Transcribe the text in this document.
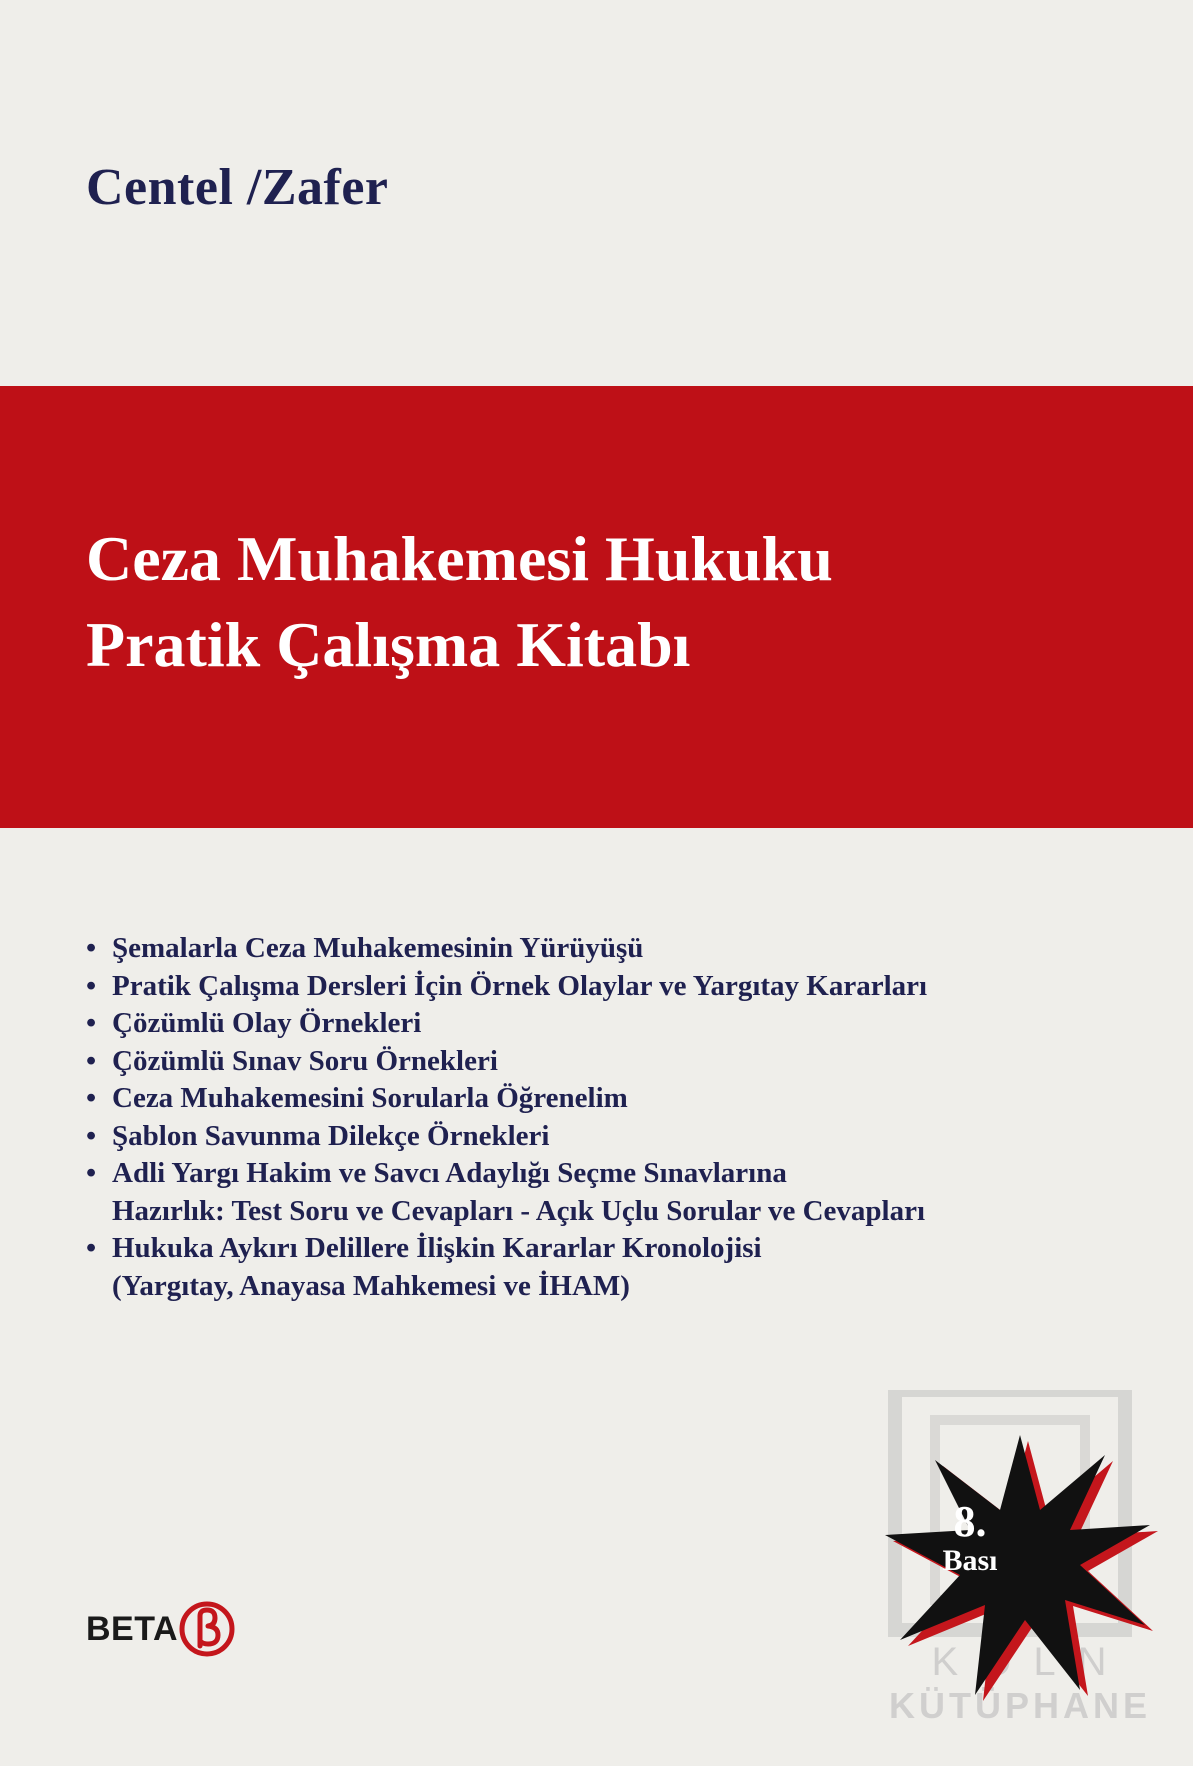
Centel /Zafer
Ceza Muhakemesi Hukuku
Pratik Çalışma Kitabı
• Şemalarla Ceza Muhakemesinin Yürüyüşü
• Pratik Çalışma Dersleri İçin Örnek Olaylar ve Yargıtay Kararları
• Çözümlü Olay Örnekleri
• Çözümlü Sınav Soru Örnekleri
• Ceza Muhakemesini Sorularla Öğrenelim
• Şablon Savunma Dilekçe Örnekleri
• Adli Yargı Hakim ve Savcı Adaylığı Seçme Sınavlarına
Hazırlık: Test Soru ve Cevapları - Açık Uçlu Sorular ve Cevapları
• Hukuka Aykırı Delillere İlişkin Kararlar Kronolojisi
(Yargıtay, Anayasa Mahkemesi ve İHAM)
KOLN
KÜTÜPHANE
8.
Bası
BETA
